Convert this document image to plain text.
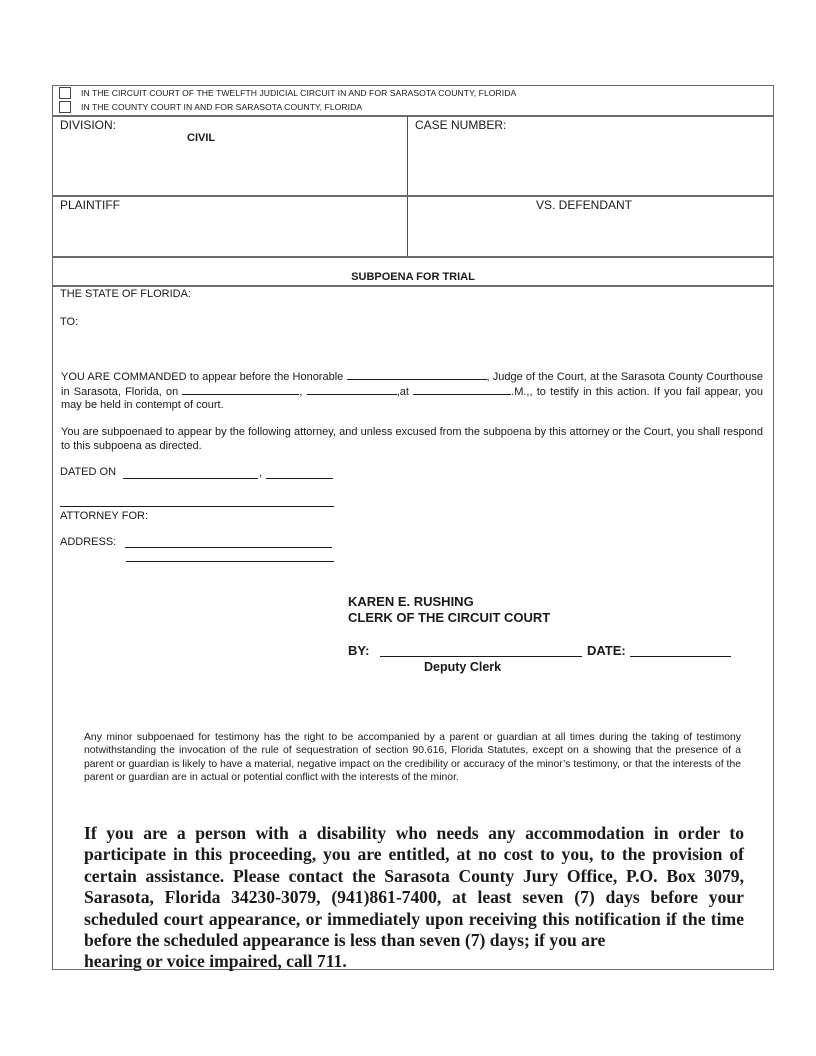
IN THE CIRCUIT COURT OF THE TWELFTH JUDICIAL CIRCUIT IN AND FOR SARASOTA COUNTY, FLORIDA
IN THE COUNTY COURT IN AND FOR SARASOTA COUNTY, FLORIDA
DIVISION:
CIVIL
CASE NUMBER:
PLAINTIFF	VS. DEFENDANT
SUBPOENA FOR TRIAL
THE STATE OF FLORIDA:
TO:
YOU ARE COMMANDED to appear before the Honorable	, Judge of the Court, at the Sarasota County Courthouse in Sarasota, Florida, on	,	,at	.M.,, to testify in this action. If you fail appear, you may be held in contempt of court.
You are subpoenaed to appear by the following attorney, and unless excused from the subpoena by this attorney or the Court, you shall respond to this subpoena as directed.
DATED ON	,
ATTORNEY FOR:
ADDRESS:
KAREN E. RUSHING
CLERK OF THE CIRCUIT COURT
BY:	DATE:
Deputy Clerk
Any minor subpoenaed for testimony has the right to be accompanied by a parent or guardian at all times during the taking of testimony notwithstanding the invocation of the rule of sequestration of section 90.616, Florida Statutes, except on a showing that the presence of a parent or guardian is likely to have a material, negative impact on the credibility or accuracy of the minor’s testimony, or that the interests of the parent or guardian are in actual or potential conflict with the interests of the minor.
If you are a person with a disability who needs any accommodation in order to participate in this proceeding, you are entitled, at no cost to you, to the provision of certain assistance. Please contact the Sarasota County Jury Office, P.O. Box 3079, Sarasota, Florida 34230-3079, (941)861-7400, at least seven (7) days before your scheduled court appearance, or immediately upon receiving this notification if the time before the scheduled appearance is less than seven (7) days; if you are
hearing or voice impaired, call 711.
